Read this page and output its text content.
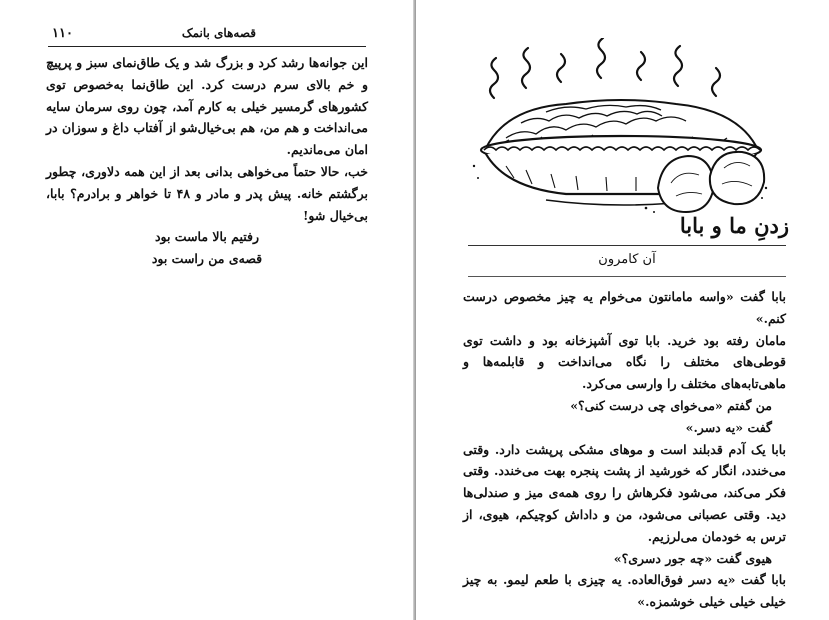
۱۱۰	قصه‌های بانمک

این جوانه‌ها رشد کرد و بزرگ شد و یک طاق‌نمای سبز و پرپیچ و خم بالای سرم درست کرد. این طاق‌نما به‌خصوص توی کشورهای گرمسیر خیلی به کارم آمد، چون روی سرمان سایه می‌انداخت و هم من، هم بی‌خیال‌شو از آفتاب داغ و سوزان در امان می‌ماندیم.

خب، حالا حتماً می‌خواهی بدانی بعد از این همه دلاوری، چطور برگشتم خانه. پیش پدر و مادر و ۴۸ تا خواهر و برادرم؟ بابا، بی‌خیال شو!

رفتیم بالا ماست بود

قصه‌ی من راست بود

زدنِ ما و بابا
آن کامرون

بابا گفت «واسه مامانتون می‌خوام یه چیز مخصوص درست کنم.»

مامان رفته بود خرید. بابا توی آشپزخانه بود و داشت توی قوطی‌های مختلف را نگاه می‌انداخت و قابلمه‌ها و ماهی‌تابه‌های مختلف را وارسی می‌کرد.

من گفتم «می‌خوای چی درست کنی؟»

گفت «یه دسر.»

بابا یک آدم قدبلند است و موهای مشکی پرپشت دارد. وقتی می‌خندد، انگار که خورشید از پشت پنجره بهت می‌خندد. وقتی فکر می‌کند، می‌شود فکرهاش را روی همه‌ی میز و صندلی‌ها دید. وقتی عصبانی می‌شود، من و داداش کوچیکم، هیوی، از ترس به خودمان می‌لرزیم.

هیوی گفت «چه جور دسری؟»

بابا گفت «یه دسر فوق‌العاده. یه چیزی با طعم لیمو. به چیز خیلی خیلی خیلی خوشمزه.»
